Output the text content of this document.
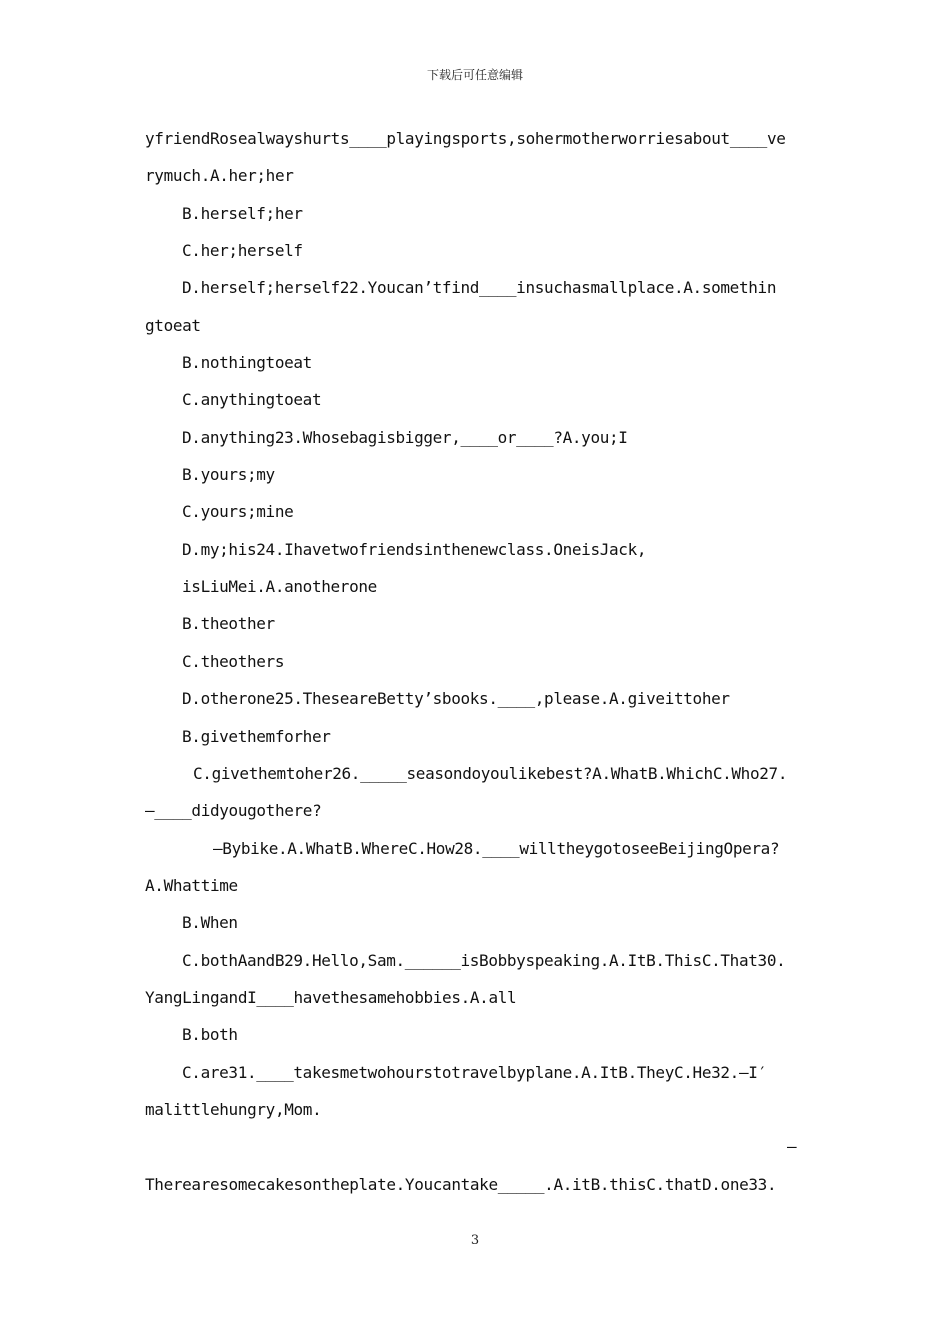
下载后可任意编辑
yfriendRosealwayshurts____playingsports,sohermotherworriesabout____ve
rymuch.A.her;her
B.herself;her
C.her;herself
D.herself;herself22.Youcan’tfind____insuchasmallplace.A.somethin
gtoeat
B.nothingtoeat
C.anythingtoeat
D.anything23.Whosebagisbigger,____or____?A.you;I
B.yours;my
C.yours;mine
D.my;his24.Ihavetwofriendsinthenewclass.OneisJack,
isLiuMei.A.anotherone
B.theother
C.theothers
D.otherone25.ThesearеBetty’sbooks.____,please.A.giveittoher
B.givethemforher
C.givethemtoher26._____seasondoyoulikebest?A.WhatB.WhichC.Who27.
—____didyougothere?
—Bybike.A.WhatB.WhereC.How28.____willtheygotoseeBeijingOpera?
A.Whattime
B.When
C.bothAandB29.Hello,Sam.______isBobbyspeaking.A.ItB.ThisC.That30.
YangLingandI____havethesamehobbies.A.all
B.both
C.are31.____takesmetwohourstotravelbyplane.A.ItB.TheyC.He32.—I′
malittlehungry,Mom.
—
Therearesomecakesontheplate.Youcantake_____.A.itB.thisC.thatD.one33.
3
